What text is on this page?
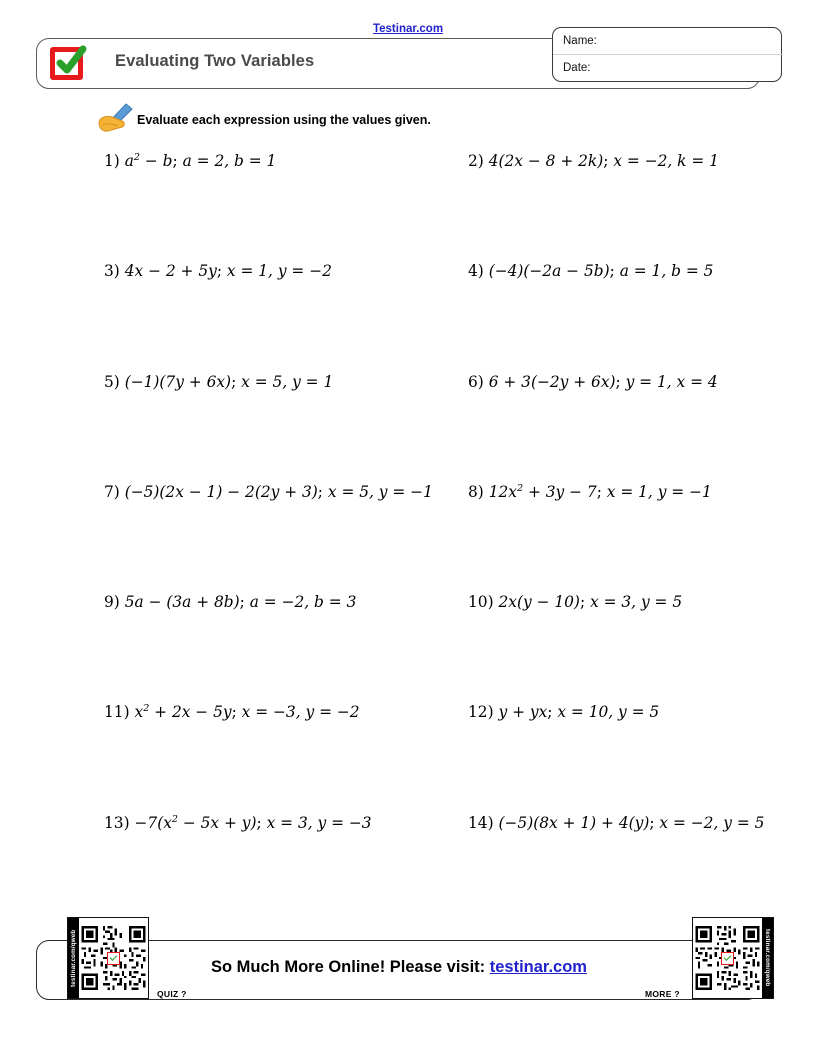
Testinar.com
Evaluating Two Variables
Name:
Date:
Evaluate each expression using the values given.
1) $a^2 - b$; a = 2, b = 1	2) 4(2x − 8 + 2k); x = −2, k = 1
3) 4x − 2 + 5y; x = 1, y = −2	4) (−4)(−2a − 5b); a = 1, b = 5
5) (−1)(7y + 6x); x = 5, y = 1	6) 6 + 3(−2y + 6x); y = 1, x = 4
7) (−5)(2x − 1) − 2(2y + 3); x = 5, y = −1 8) $12x^2 + 3y - 7$; x = 1, y = −1
9) 5a − (3a + 8b); a = −2, b = 3	10) 2x(y − 10); x = 3, y = 5
11) $x^2 + 2x - 5y$; x = −3, y = −2	12) y + yx; x = 10, y = 5
$13) -7(x^2 - 5x + y)$; x = 3, y = −3	14) (−5)(8x + 1) + 4(y); x = −2, y = 5
So Much More Online! Please visit: testinar.com
testinar.com/qweb
QUIZ ?
testinar.com/qweb
MORE ?
